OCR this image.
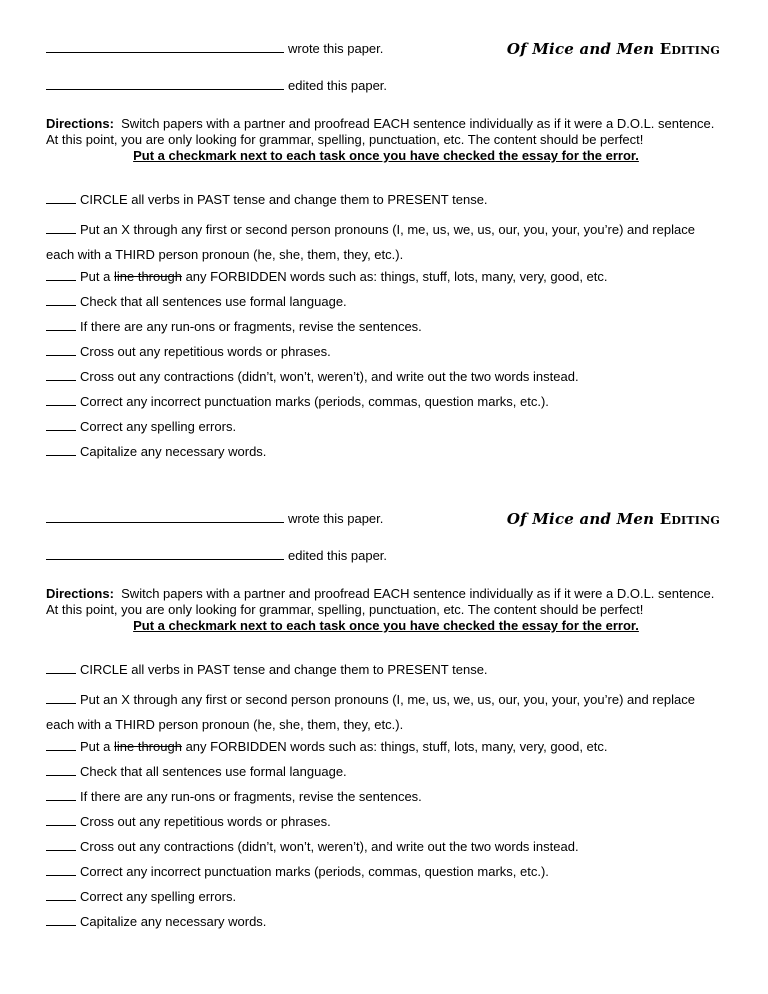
wrote this paper.	Of Mice and Men Editing
edited this paper.
Directions: Switch papers with a partner and proofread EACH sentence individually as if it were a D.O.L. sentence. At this point, you are only looking for grammar, spelling, punctuation, etc. The content should be perfect!
Put a checkmark next to each task once you have checked the essay for the error.
CIRCLE all verbs in PAST tense and change them to PRESENT tense.
Put an X through any first or second person pronouns (I, me, us, we, us, our, you, your, you’re) and replace each with a THIRD person pronoun (he, she, them, they, etc.).
Put a line through any FORBIDDEN words such as: things, stuff, lots, many, very, good, etc.
Check that all sentences use formal language.
If there are any run-ons or fragments, revise the sentences.
Cross out any repetitious words or phrases.
Cross out any contractions (didn’t, won’t, weren’t), and write out the two words instead.
Correct any incorrect punctuation marks (periods, commas, question marks, etc.).
Correct any spelling errors.
Capitalize any necessary words.
wrote this paper.	Of Mice and Men Editing
edited this paper.
Directions: Switch papers with a partner and proofread EACH sentence individually as if it were a D.O.L. sentence. At this point, you are only looking for grammar, spelling, punctuation, etc. The content should be perfect!
Put a checkmark next to each task once you have checked the essay for the error.
CIRCLE all verbs in PAST tense and change them to PRESENT tense.
Put an X through any first or second person pronouns (I, me, us, we, us, our, you, your, you’re) and replace each with a THIRD person pronoun (he, she, them, they, etc.).
Put a line through any FORBIDDEN words such as: things, stuff, lots, many, very, good, etc.
Check that all sentences use formal language.
If there are any run-ons or fragments, revise the sentences.
Cross out any repetitious words or phrases.
Cross out any contractions (didn’t, won’t, weren’t), and write out the two words instead.
Correct any incorrect punctuation marks (periods, commas, question marks, etc.).
Correct any spelling errors.
Capitalize any necessary words.
